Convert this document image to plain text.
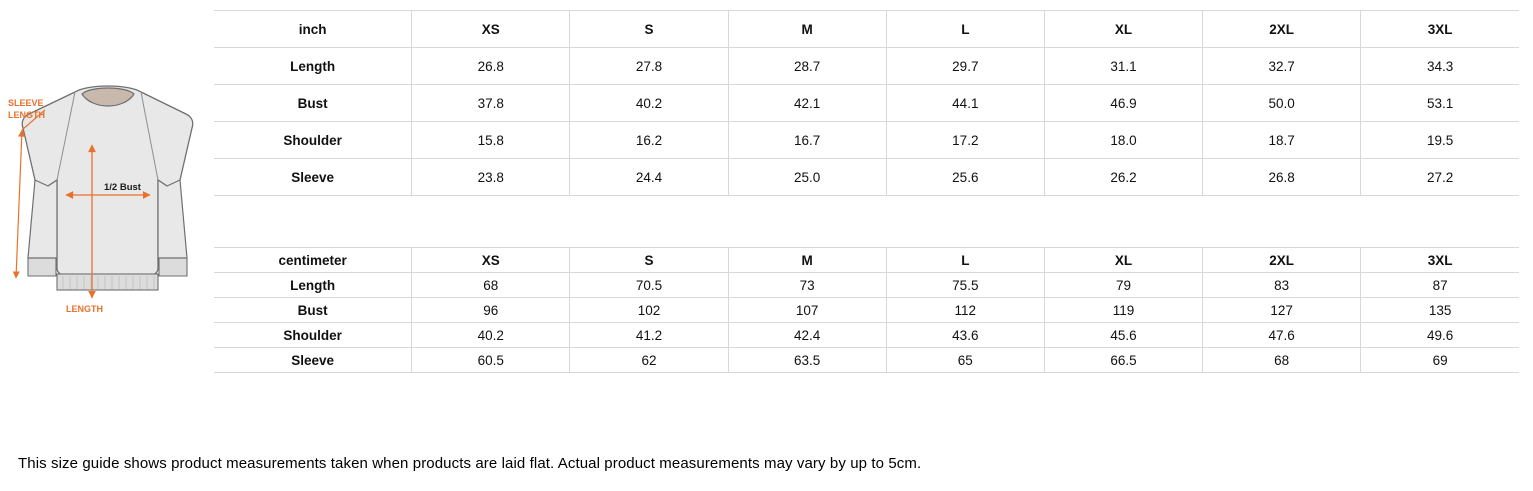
SLEEVE
LENGTH
1/2 Bust
LENGTH
inch	XS	S	M	L	XL	2XL	3XL
Length	26.8	27.8	28.7	29.7	31.1	32.7	34.3
Bust	37.8	40.2	42.1	44.1	46.9	50.0	53.1
Shoulder	15.8	16.2	16.7	17.2	18.0	18.7	19.5
Sleeve	23.8	24.4	25.0	25.6	26.2	26.8	27.2
centimeter	XS	S	M	L	XL	2XL	3XL
Length	68	70.5	73	75.5	79	83	87
Bust	96	102	107	112	119	127	135
Shoulder	40.2	41.2	42.4	43.6	45.6	47.6	49.6
Sleeve	60.5	62	63.5	65	66.5	68	69
This size guide shows product measurements taken when products are laid flat. Actual product measurements may vary by up to 5cm.
